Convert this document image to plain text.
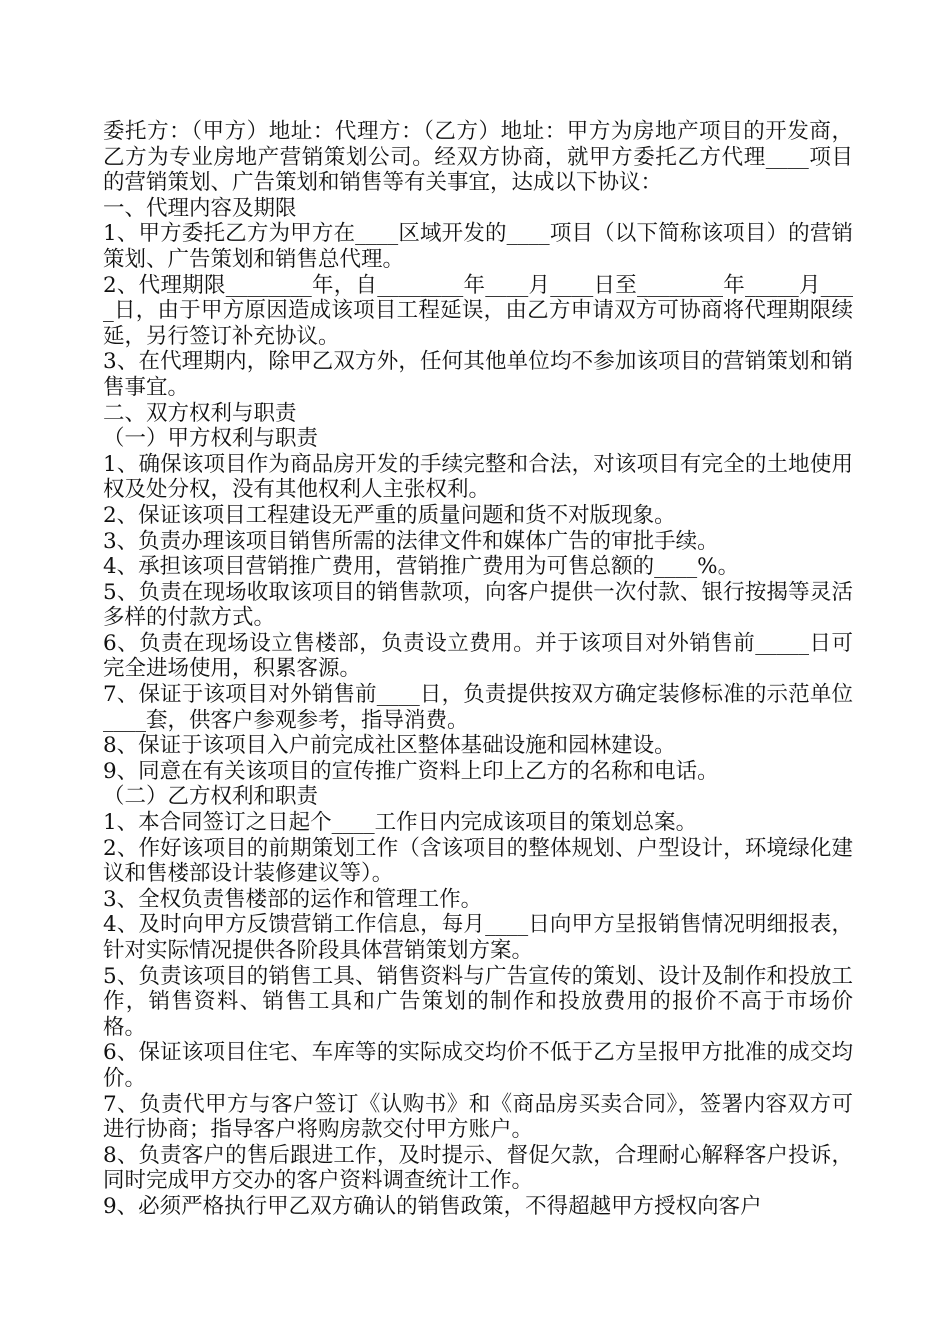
委托方：（甲方）地址：代理方：（乙方）地址：甲方为房地产项目的开发商，乙方为专业房地产营销策划公司。经双方协商，就甲方委托乙方代理____项目的营销策划、广告策划和销售等有关事宜，达成以下协议：

一、代理内容及期限

1、甲方委托乙方为甲方在____区域开发的____项目（以下简称该项目）的营销策划、广告策划和销售总代理。

2、代理期限________年，自________年____月____日至________年_____月____日，由于甲方原因造成该项目工程延误，由乙方申请双方可协商将代理期限续延，另行签订补充协议。

3、在代理期内，除甲乙双方外，任何其他单位均不参加该项目的营销策划和销售事宜。

二、双方权利与职责

（一）甲方权利与职责

1、确保该项目作为商品房开发的手续完整和合法，对该项目有完全的土地使用权及处分权，没有其他权利人主张权利。

2、保证该项目工程建设无严重的质量问题和货不对版现象。

3、负责办理该项目销售所需的法律文件和媒体广告的审批手续。

4、承担该项目营销推广费用，营销推广费用为可售总额的____%。

5、负责在现场收取该项目的销售款项，向客户提供一次付款、银行按揭等灵活多样的付款方式。

6、负责在现场设立售楼部，负责设立费用。并于该项目对外销售前_____日可完全进场使用，积累客源。

7、保证于该项目对外销售前____日，负责提供按双方确定装修标准的示范单位____套，供客户参观参考，指导消费。

8、保证于该项目入户前完成社区整体基础设施和园林建设。

9、同意在有关该项目的宣传推广资料上印上乙方的名称和电话。

（二）乙方权利和职责

1、本合同签订之日起个____工作日内完成该项目的策划总案。

2、作好该项目的前期策划工作（含该项目的整体规划、户型设计，环境绿化建议和售楼部设计装修建议等）。

3、全权负责售楼部的运作和管理工作。

4、及时向甲方反馈营销工作信息，每月____日向甲方呈报销售情况明细报表，针对实际情况提供各阶段具体营销策划方案。

5、负责该项目的销售工具、销售资料与广告宣传的策划、设计及制作和投放工作，销售资料、销售工具和广告策划的制作和投放费用的报价不高于市场价格。

6、保证该项目住宅、车库等的实际成交均价不低于乙方呈报甲方批准的成交均价。

7、负责代甲方与客户签订《认购书》和《商品房买卖合同》，签署内容双方可进行协商；指导客户将购房款交付甲方账户。

8、负责客户的售后跟进工作，及时提示、督促欠款，合理耐心解释客户投诉，同时完成甲方交办的客户资料调查统计工作。

9、必须严格执行甲乙双方确认的销售政策，不得超越甲方授权向客户
